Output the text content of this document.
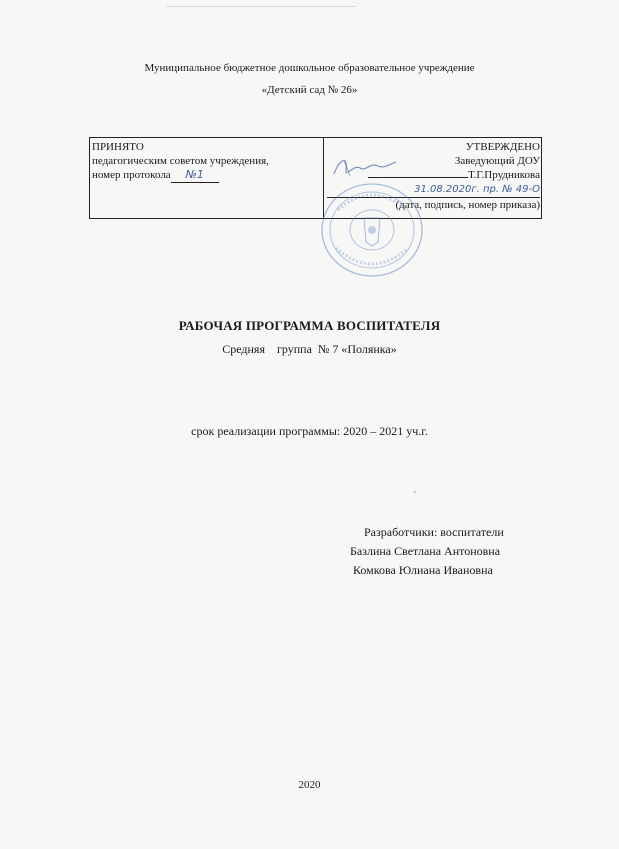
Муниципальное бюджетное дошкольное образовательное учреждение
«Детский сад № 26»
ПРИНЯТО
педагогическим советом учреждения,
номер протокола №1
УТВЕРЖДЕНО
Заведующий ДОУ
Т.Г.Прудникова
31.08.2020г. пр. № 49-О
(дата, подпись, номер приказа)
РАБОЧАЯ ПРОГРАММА ВОСПИТАТЕЛЯ
Средняя    группа  № 7 «Полянка»
срок реализации программы: 2020 – 2021 уч.г.
ᶜ
Разработчики: воспитатели
Базлина Светлана Антоновна
Комкова Юлиана Ивановна
2020
